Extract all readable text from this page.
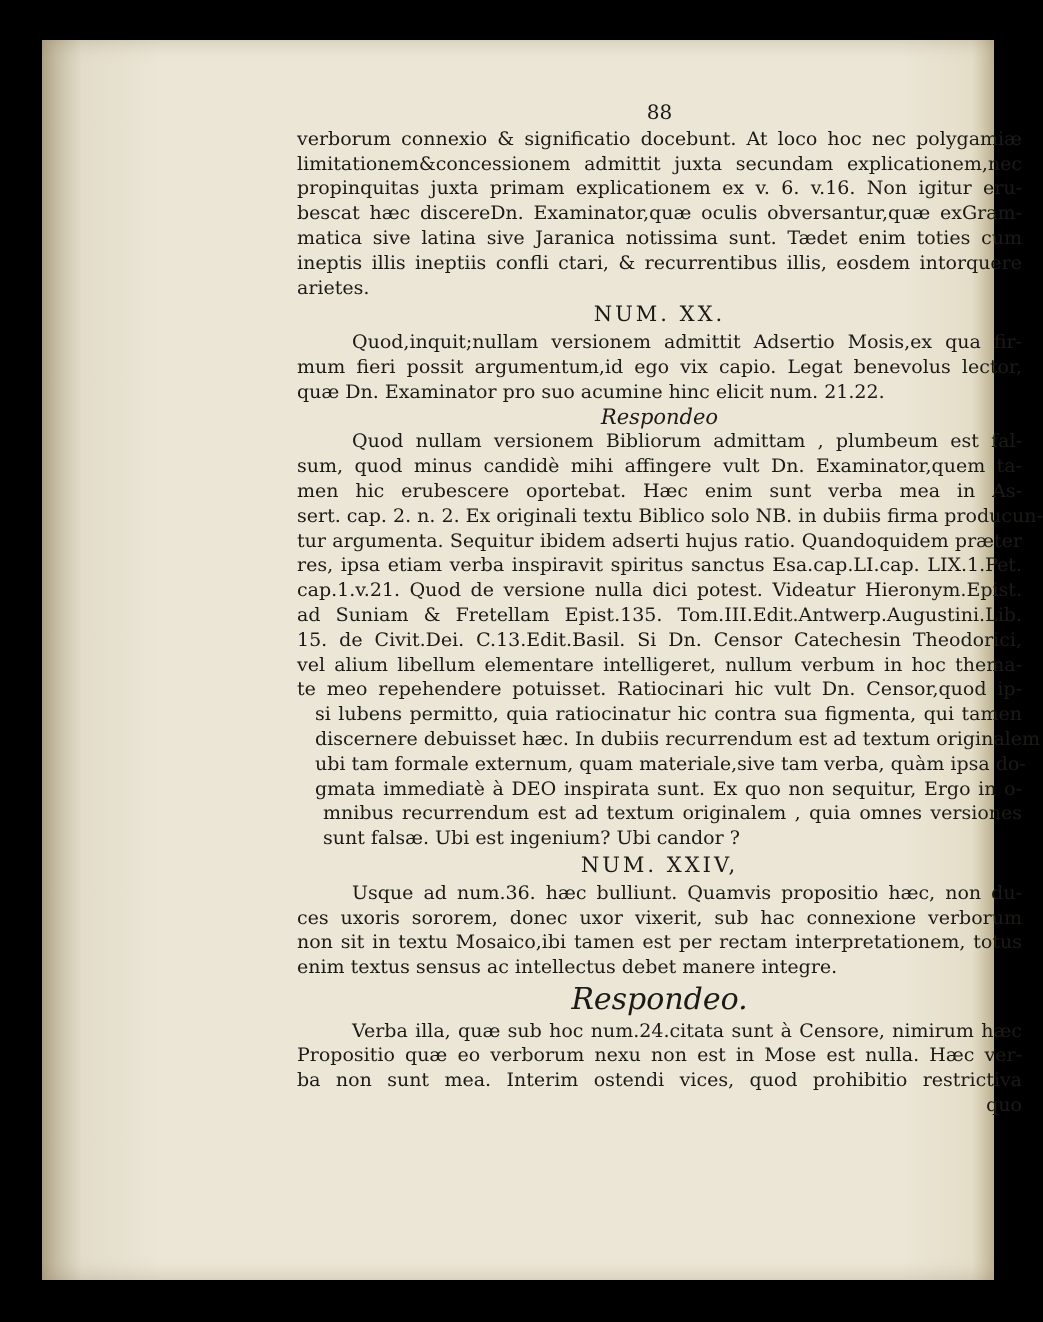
88
verborum connexio & significatio docebunt. At loco hoc nec polygamiæ
limitationem&concessionem admittit juxta secundam explicationem,nec
propinquitas juxta primam explicationem ex v. 6. v.16. Non igitur eru-
bescat hæc discereDn. Examinator,quæ oculis obversantur,quæ exGram-
matica sive latina sive Jaranica notissima sunt. Tædet enim toties cum
ineptis illis ineptiis confli ctari, & recurrentibus illis, eosdem intorquere
arietes.
NUM. XX.
Quod,inquit;nullam versionem admittit Adsertio Mosis,ex qua fir-
mum fieri possit argumentum,id ego vix capio. Legat benevolus lector,
quæ Dn. Examinator pro suo acumine hinc elicit num. 21.22.
Respondeo
Quod nullam versionem Bibliorum admittam , plumbeum est fal-
sum, quod minus candidè mihi affingere vult Dn. Examinator,quem ta-
men hic erubescere oportebat. Hæc enim sunt verba mea in As-
sert. cap. 2. n. 2. Ex originali textu Biblico solo NB. in dubiis firma producun-
tur argumenta. Sequitur ibidem adserti hujus ratio. Quandoquidem præter
res, ipsa etiam verba inspiravit spiritus sanctus Esa.cap.LI.cap. LIX.1.Pet.
cap.1.v.21. Quod de versione nulla dici potest. Videatur Hieronym.Epist.
ad Suniam & Fretellam Epist.135. Tom.III.Edit.Antwerp.Augustini.Lib.
15. de Civit.Dei. C.13.Edit.Basil. Si Dn. Censor Catechesin Theodorici,
vel alium libellum elementare intelligeret, nullum verbum in hoc thema-
te meo repehendere potuisset. Ratiocinari hic vult Dn. Censor,quod ip-
si lubens permitto, quia ratiocinatur hic contra sua figmenta, qui tamen
discernere debuisset hæc. In dubiis recurrendum est ad textum originalem
ubi tam formale externum, quam materiale,sive tam verba, quàm ipsa do-
gmata immediatè à DEO inspirata sunt. Ex quo non sequitur, Ergo in o-
mnibus recurrendum est ad textum originalem , quia omnes versiones
sunt falsæ. Ubi est ingenium? Ubi candor ?
NUM. XXIV,
Usque ad num.36. hæc bulliunt. Quamvis propositio hæc, non du-
ces uxoris sororem, donec uxor vixerit, sub hac connexione verborum
non sit in textu Mosaico,ibi tamen est per rectam interpretationem, totus
enim textus sensus ac intellectus debet manere integre.
Respondeo.
Verba illa, quæ sub hoc num.24.citata sunt à Censore, nimirum hæc
Propositio quæ eo verborum nexu non est in Mose est nulla. Hæc ver-
ba non sunt mea. Interim ostendi vices, quod prohibitio restrictiva
quo
